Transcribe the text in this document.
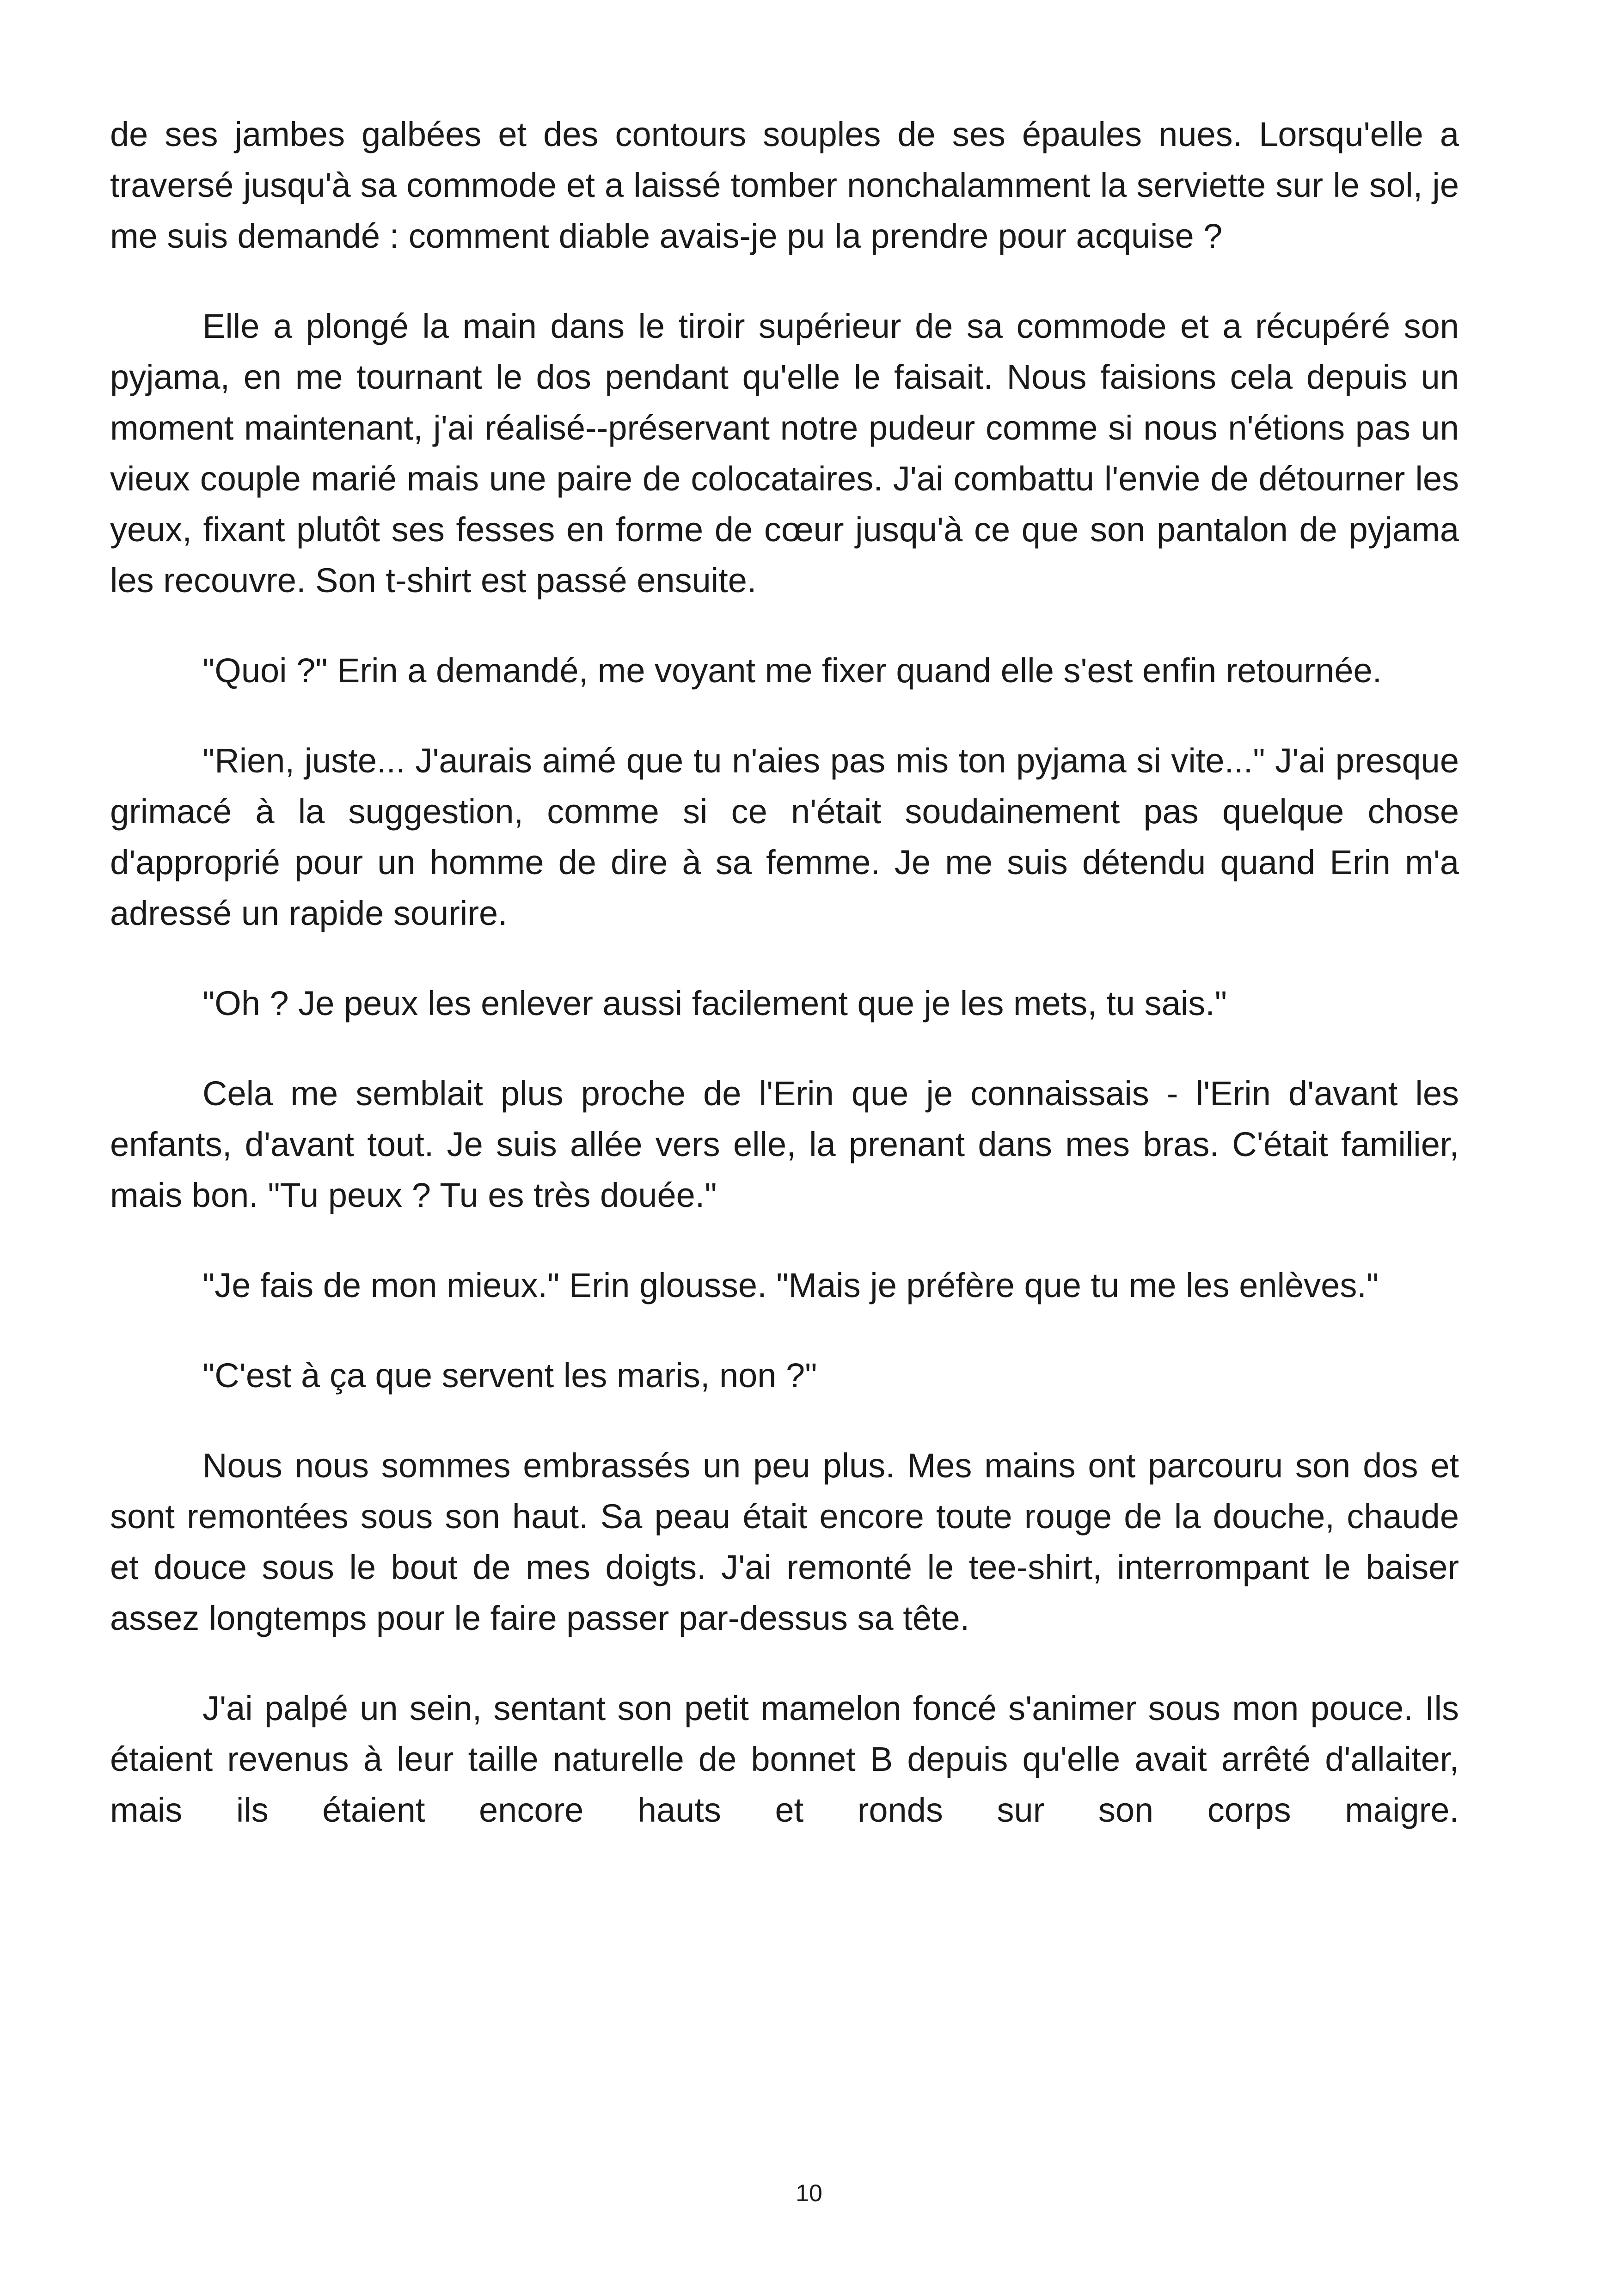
de ses jambes galbées et des contours souples de ses épaules nues. Lorsqu'elle a traversé jusqu'à sa commode et a laissé tomber nonchalamment la serviette sur le sol, je me suis demandé : comment diable avais-je pu la prendre pour acquise ?

Elle a plongé la main dans le tiroir supérieur de sa commode et a récupéré son pyjama, en me tournant le dos pendant qu'elle le faisait. Nous faisions cela depuis un moment maintenant, j'ai réalisé--préservant notre pudeur comme si nous n'étions pas un vieux couple marié mais une paire de colocataires. J'ai combattu l'envie de détourner les yeux, fixant plutôt ses fesses en forme de cœur jusqu'à ce que son pantalon de pyjama les recouvre. Son t-shirt est passé ensuite.

"Quoi ?" Erin a demandé, me voyant me fixer quand elle s'est enfin retournée.

"Rien, juste... J'aurais aimé que tu n'aies pas mis ton pyjama si vite..." J'ai presque grimacé à la suggestion, comme si ce n'était soudainement pas quelque chose d'approprié pour un homme de dire à sa femme. Je me suis détendu quand Erin m'a adressé un rapide sourire.

"Oh ? Je peux les enlever aussi facilement que je les mets, tu sais."

Cela me semblait plus proche de l'Erin que je connaissais - l'Erin d'avant les enfants, d'avant tout. Je suis allée vers elle, la prenant dans mes bras. C'était familier, mais bon. "Tu peux ? Tu es très douée."

"Je fais de mon mieux." Erin glousse. "Mais je préfère que tu me les enlèves."

"C'est à ça que servent les maris, non ?"

Nous nous sommes embrassés un peu plus. Mes mains ont parcouru son dos et sont remontées sous son haut. Sa peau était encore toute rouge de la douche, chaude et douce sous le bout de mes doigts. J'ai remonté le tee-shirt, interrompant le baiser assez longtemps pour le faire passer par-dessus sa tête.

J'ai palpé un sein, sentant son petit mamelon foncé s'animer sous mon pouce. Ils étaient revenus à leur taille naturelle de bonnet B depuis qu'elle avait arrêté d'allaiter, mais ils étaient encore hauts et ronds sur son corps maigre.

10
